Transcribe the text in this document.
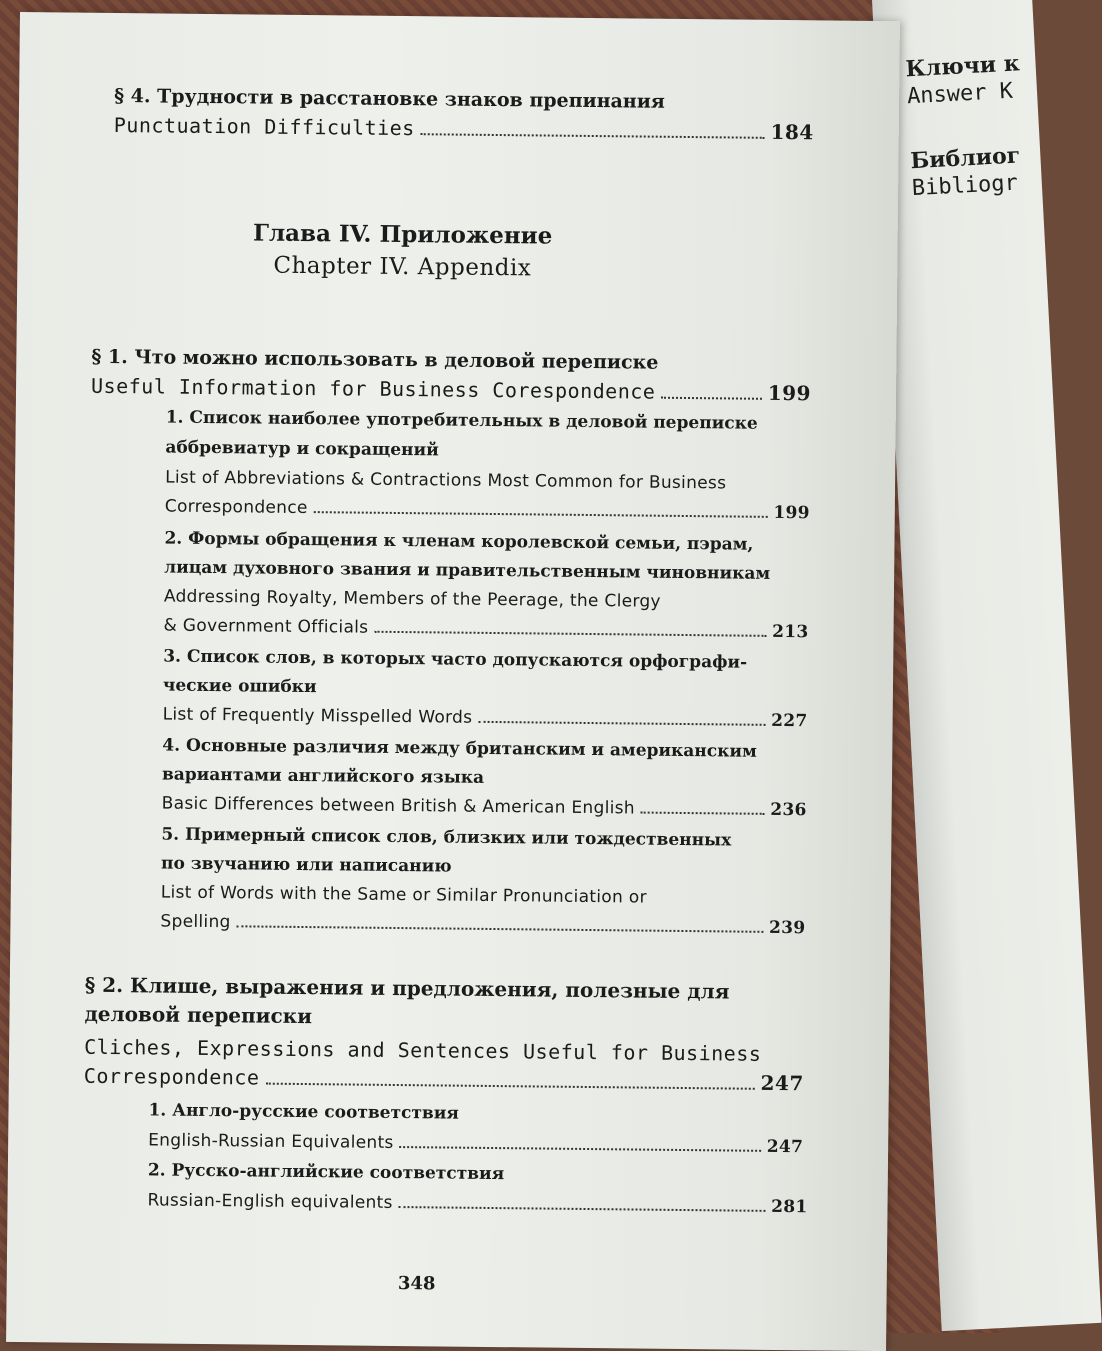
Ключи к
Answer K
Библиог
Bibliogr
§ 4. Трудности в расстановке знаков препинания
Punctuation Difficulties	184
Глава IV. Приложение
Chapter IV. Appendix
§ 1. Что можно использовать в деловой переписке
Useful Information for Business Corespondence	199
1. Список наиболее употребительных в деловой переписке
аббревиатур и сокращений
List of Abbreviations & Contractions Most Common for Business
Correspondence	199
2. Формы обращения к членам королевской семьи, пэрам,
лицам духовного звания и правительственным чиновникам
Addressing Royalty, Members of the Peerage, the Clergy
& Government Officials	213
3. Список слов, в которых часто допускаются орфографи-
ческие ошибки
List of Frequently Misspelled Words	227
4. Основные различия между британским и американским
вариантами английского языка
Basic Differences between British & American English	236
5. Примерный список слов, близких или тождественных
по звучанию или написанию
List of Words with the Same or Similar Pronunciation or
Spelling	239
§ 2. Клише, выражения и предложения, полезные для
деловой переписки
Cliches, Expressions and Sentences Useful for Business
Correspondence	247
1. Англо-русские соответствия
English-Russian Equivalents	247
2. Русско-английские соответствия
Russian-English equivalents	281
348
